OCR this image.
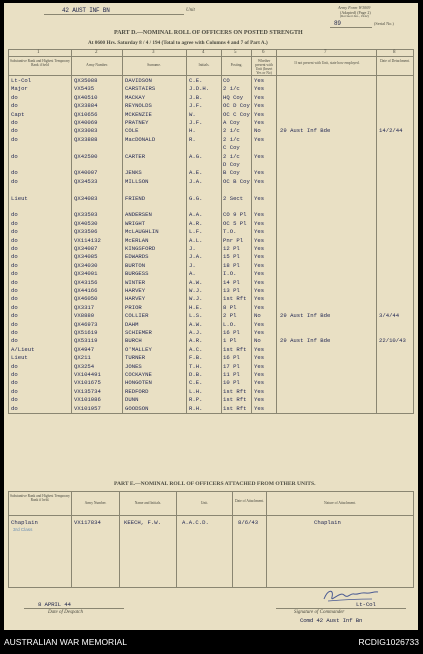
42 AUST INF BN	Unit
Army Form W3009
(Adapted) (Page 2)
(Revised Jan., 1942)
89	(Serial No.)
PART D.—NOMINAL ROLL OF OFFICERS ON POSTED STRENGTH
At 0600 Hrs. Saturday 8 / 4 / 194 (Total to agree with Columns 4 and 7 of Part A.)
1	2	3	4	5	6	7	8
Substantive Rank and Highest Temporary Rank if held	Army Number.	Surname.	Initials.	Posting.
Whether present with Unit (Insert Yes or No)
If not present with Unit, state how employed.	Date of Detachment.
Lt-Col	QX35088	DAVIDSON	C.E.	CO	Yes
Major	VX5435	CARSTAIRS	J.D.H. 2 i/c	Yes
do	QX40510	MACKAY	J.B.	HQ Coy Yes
do	QX33884	REYNOLDS	J.F.	OC D Coy Yes
Capt	QX10656	MCKENZIE	W.	OC C Coy Yes
do	QX40069	PRATNEY	J.F.	A Coy	Yes
do	QX33083	COLE	H.	2 i/c	No	29 Aust Inf Bde	14/2/44
do	QX33888	MacDONALD	R.	2 i/c	Yes
C Coy
do	QX42500	CARTER	A.G.	2 i/c	Yes
D Coy
do	QX40007	JENKS	A.E.	B Coy	Yes
do	QX34533	MILLSON	J.A.	OC B Coy Yes
Lieut	QX34083	FRIEND	G.G.	2 Sect Yes
do	QX33503	ANDERSEN	A.A.	CO 9 Pl Yes
do	QX40530	WRIGHT	A.R.	OC 5 Pl Yes
do	QX33506	McLAUGHLIN	L.F.	T.O.	Yes
do	VX114132	McERLAN	A.L.	Pnr Pl Yes
do	QX34087	KINGSFORD	J.	12 Pl	Yes
do	QX34085	EDWARDS	J.A.	15 Pl	Yes
do	QX34030	BURTON	J.	18 Pl	Yes
do	QX34001	BURGESS	A.	I.O.	Yes
do	QX43156	WINTER	A.W.	14 Pl	Yes
do	QX44166	HARVEY	W.J.	13 Pl	Yes
do	QX46050	HARVEY	W.J.	1st Rft Yes
do	QX3317	PRIOR	H.E.	8 Pl	Yes
do	VX8880	COLLIER	L.S.	2 Pl	No	29 Aust Inf Bde	3/4/44
do	QX46973	DAHM	A.W.	L.O.	Yes
do	QX51619	SCHIEMER	A.J.	16 Pl	Yes
do	QX53119	BURCH	A.R.	1 Pl	No	29 Aust Inf Bde	22/10/43
A/Lieut	QX4947	O'MALLEY	A.C.	1st Rft Yes
Lieut	QX211	TURNER	F.B.	16 Pl	Yes
do	QX3254	JONES	T.H.	17 Pl	Yes
do	VX104491	COCKAYNE	D.B.	11 Pl	Yes
do	VX101675	HONGOTEN	C.E.	10 Pl	Yes
do	VX135734	REDFORD	L.H.	1st Rft Yes
do	VX101086	DUNN	R.P.	1st Rft Yes
do	VX101957	GOODSON	R.H.	1st Rft Yes
PART E.—NOMINAL ROLL OF OFFICERS ATTACHED FROM OTHER UNITS.
Substantive Rank and Highest Temporary Rank if held.
Army Number.	Name and Initials.	Unit.	Date of Attachment.	Nature of Attachment.
Chaplain	VX117834	KEECH, F.W.	A.A.C.D.	8/6/43	Chaplain
3rd Class
8 APRIL 44
Date of Despatch
Lt-Col
Signature of Commander
Comd 42 Aust Inf Bn
AUSTRALIAN WAR MEMORIAL	RCDIG1026733
